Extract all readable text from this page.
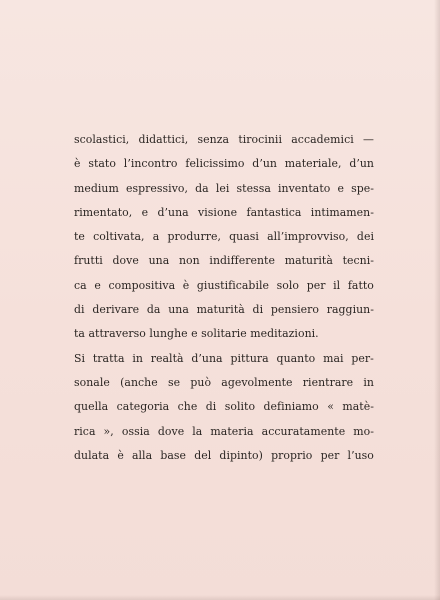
scolastici, didattici, senza tirocinii accademici —
è stato l’incontro felicissimo d’un materiale, d’un
medium espressivo, da lei stessa inventato e spe-
rimentato, e d’una visione fantastica intimamen-
te coltivata, a produrre, quasi all’improvviso, dei
frutti dove una non indifferente maturità tecni-
ca e compositiva è giustificabile solo per il fatto
di derivare da una maturità di pensiero raggiun-
ta attraverso lunghe e solitarie meditazioni.
Si tratta in realtà d’una pittura quanto mai per-
sonale (anche se può agevolmente rientrare in
quella categoria che di solito definiamo « matè-
rica », ossia dove la materia accuratamente mo-
dulata è alla base del dipinto) proprio per l’uso
